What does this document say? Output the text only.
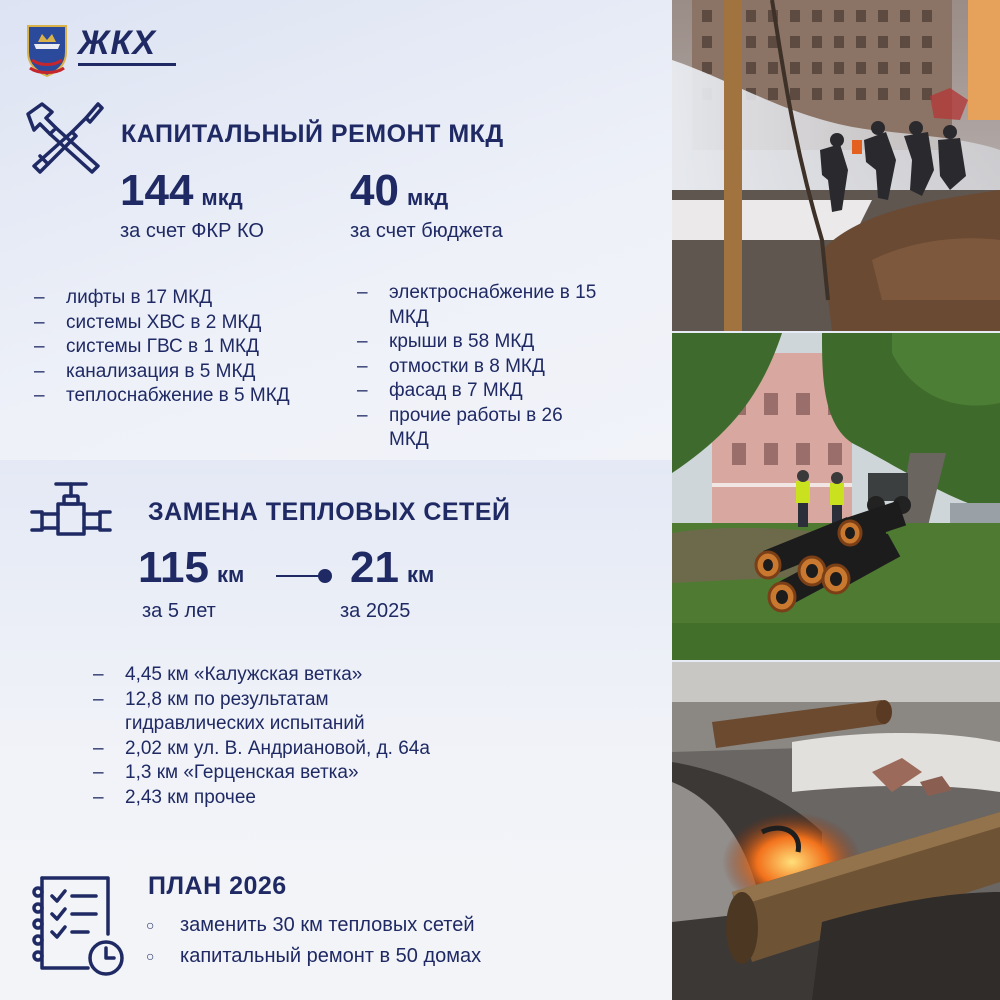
ЖКХ
КАПИТАЛЬНЫЙ РЕМОНТ МКД
144 мкд
за счет ФКР КО
40 мкд
за счет бюджета
– лифты в 17 МКД
– системы ХВС в 2 МКД
– системы ГВС в 1 МКД
– канализация в 5 МКД
– теплоснабжение в 5 МКД
– электроснабжение в 15 МКД
– крыши в 58 МКД
– отмостки в 8 МКД
– фасад в 7 МКД
– прочие работы в 26 МКД
ЗАМЕНА ТЕПЛОВЫХ СЕТЕЙ
115 км
за 5 лет
21 км
за 2025
– 4,45 км «Калужская ветка»
– 12,8 км по результатам гидравлических испытаний
– 2,02 км ул. В. Андриановой, д. 64а
– 1,3 км «Герценская ветка»
– 2,43 км прочее
ПЛАН 2026
○ заменить 30 км тепловых сетей
○ капитальный ремонт в 50 домах
